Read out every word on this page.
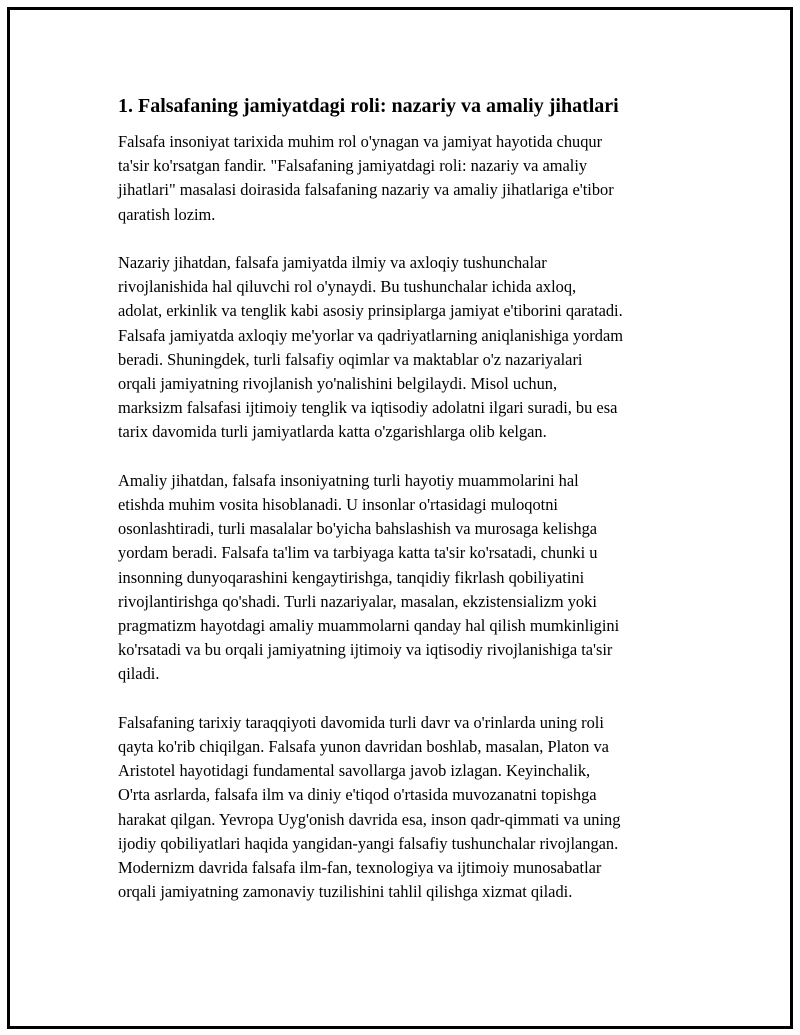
1. Falsafaning jamiyatdagi roli: nazariy va amaliy jihatlari
Falsafa insoniyat tarixida muhim rol o'ynagan va jamiyat hayotida chuqur
ta'sir ko'rsatgan fandir. "Falsafaning jamiyatdagi roli: nazariy va amaliy
jihatlari" masalasi doirasida falsafaning nazariy va amaliy jihatlariga e'tibor
qaratish lozim.
Nazariy jihatdan, falsafa jamiyatda ilmiy va axloqiy tushunchalar
rivojlanishida hal qiluvchi rol o'ynaydi. Bu tushunchalar ichida axloq,
adolat, erkinlik va tenglik kabi asosiy prinsiplarga jamiyat e'tiborini qaratadi.
Falsafa jamiyatda axloqiy me'yorlar va qadriyatlarning aniqlanishiga yordam
beradi. Shuningdek, turli falsafiy oqimlar va maktablar o'z nazariyalari
orqali jamiyatning rivojlanish yo'nalishini belgilaydi. Misol uchun,
marksizm falsafasi ijtimoiy tenglik va iqtisodiy adolatni ilgari suradi, bu esa
tarix davomida turli jamiyatlarda katta o'zgarishlarga olib kelgan.
Amaliy jihatdan, falsafa insoniyatning turli hayotiy muammolarini hal
etishda muhim vosita hisoblanadi. U insonlar o'rtasidagi muloqotni
osonlashtiradi, turli masalalar bo'yicha bahslashish va murosaga kelishga
yordam beradi. Falsafa ta'lim va tarbiyaga katta ta'sir ko'rsatadi, chunki u
insonning dunyoqarashini kengaytirishga, tanqidiy fikrlash qobiliyatini
rivojlantirishga qo'shadi. Turli nazariyalar, masalan, ekzistensializm yoki
pragmatizm hayotdagi amaliy muammolarni qanday hal qilish mumkinligini
ko'rsatadi va bu orqali jamiyatning ijtimoiy va iqtisodiy rivojlanishiga ta'sir
qiladi.
Falsafaning tarixiy taraqqiyoti davomida turli davr va o'rinlarda uning roli
qayta ko'rib chiqilgan. Falsafa yunon davridan boshlab, masalan, Platon va
Aristotel hayotidagi fundamental savollarga javob izlagan. Keyinchalik,
O'rta asrlarda, falsafa ilm va diniy e'tiqod o'rtasida muvozanatni topishga
harakat qilgan. Yevropa Uyg'onish davrida esa, inson qadr-qimmati va uning
ijodiy qobiliyatlari haqida yangidan-yangi falsafiy tushunchalar rivojlangan.
Modernizm davrida falsafa ilm-fan, texnologiya va ijtimoiy munosabatlar
orqali jamiyatning zamonaviy tuzilishini tahlil qilishga xizmat qiladi.
